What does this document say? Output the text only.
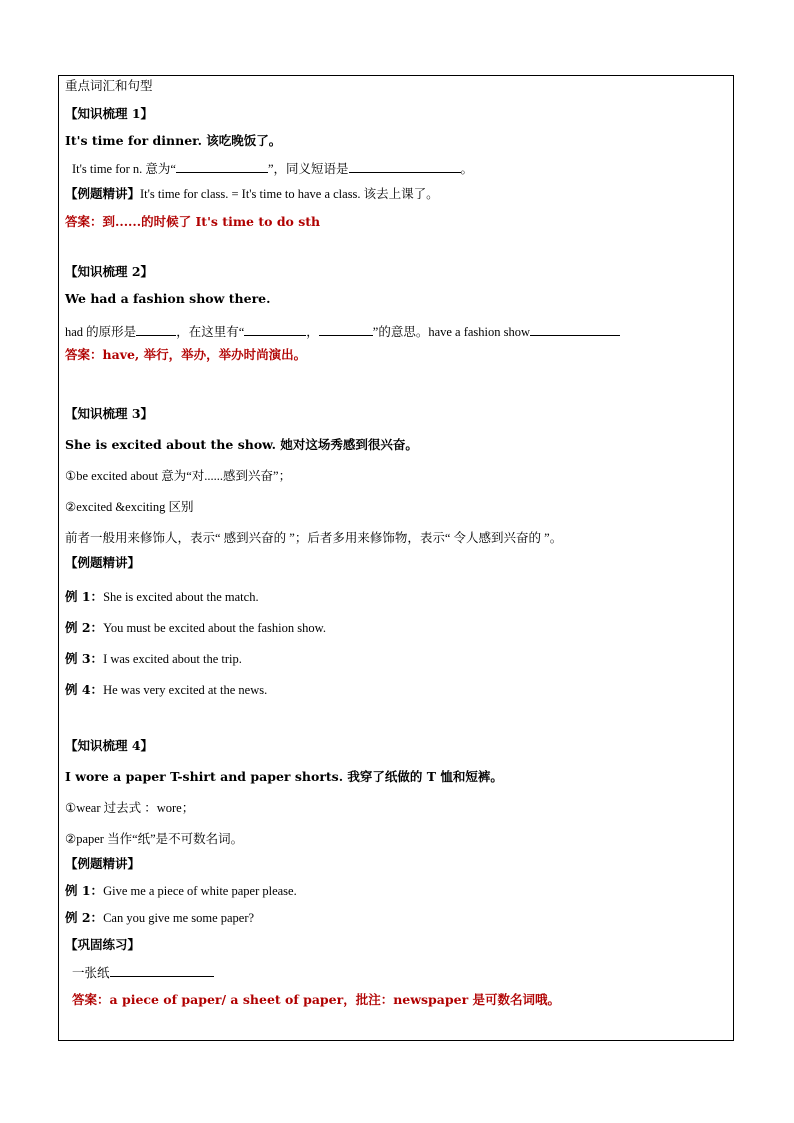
重点词汇和句型
【知识梳理 1】
It's time for dinner. 该吃晚饭了。
It's time for n. 意为“	”，同义短语是	。
【例题精讲】It's time for class. = It's time to have a class. 该去上课了。
答案：到......的时候了 It's time to do sth
【知识梳理 2】
We had a fashion show there.
had 的原形是	，在这里有“	，	”的意思。have a fashion show
答案：have, 举行，举办，举办时尚演出。
【知识梳理 3】
She is excited about the show. 她对这场秀感到很兴奋。
①be excited about 意为“对......感到兴奋”；
②excited &exciting 区别
前者一般用来修饰人，表示“ 感到兴奋的 ”；后者多用来修饰物，表示“ 令人感到兴奋的 ”。
【例题精讲】
例 1：She is excited about the match.
例 2：You must be excited about the fashion show.
例 3：I was excited about the trip.
例 4：He was very excited at the news.
【知识梳理 4】
I wore a paper T-shirt and paper shorts. 我穿了纸做的 T 恤和短裤。
①wear 过去式 ：wore；
②paper 当作“纸”是不可数名词。
【例题精讲】
例 1：Give me a piece of white paper please.
例 2：Can you give me some paper?
【巩固练习】
一张纸
答案：a piece of paper/ a sheet of paper，批注：newspaper 是可数名词哦。
